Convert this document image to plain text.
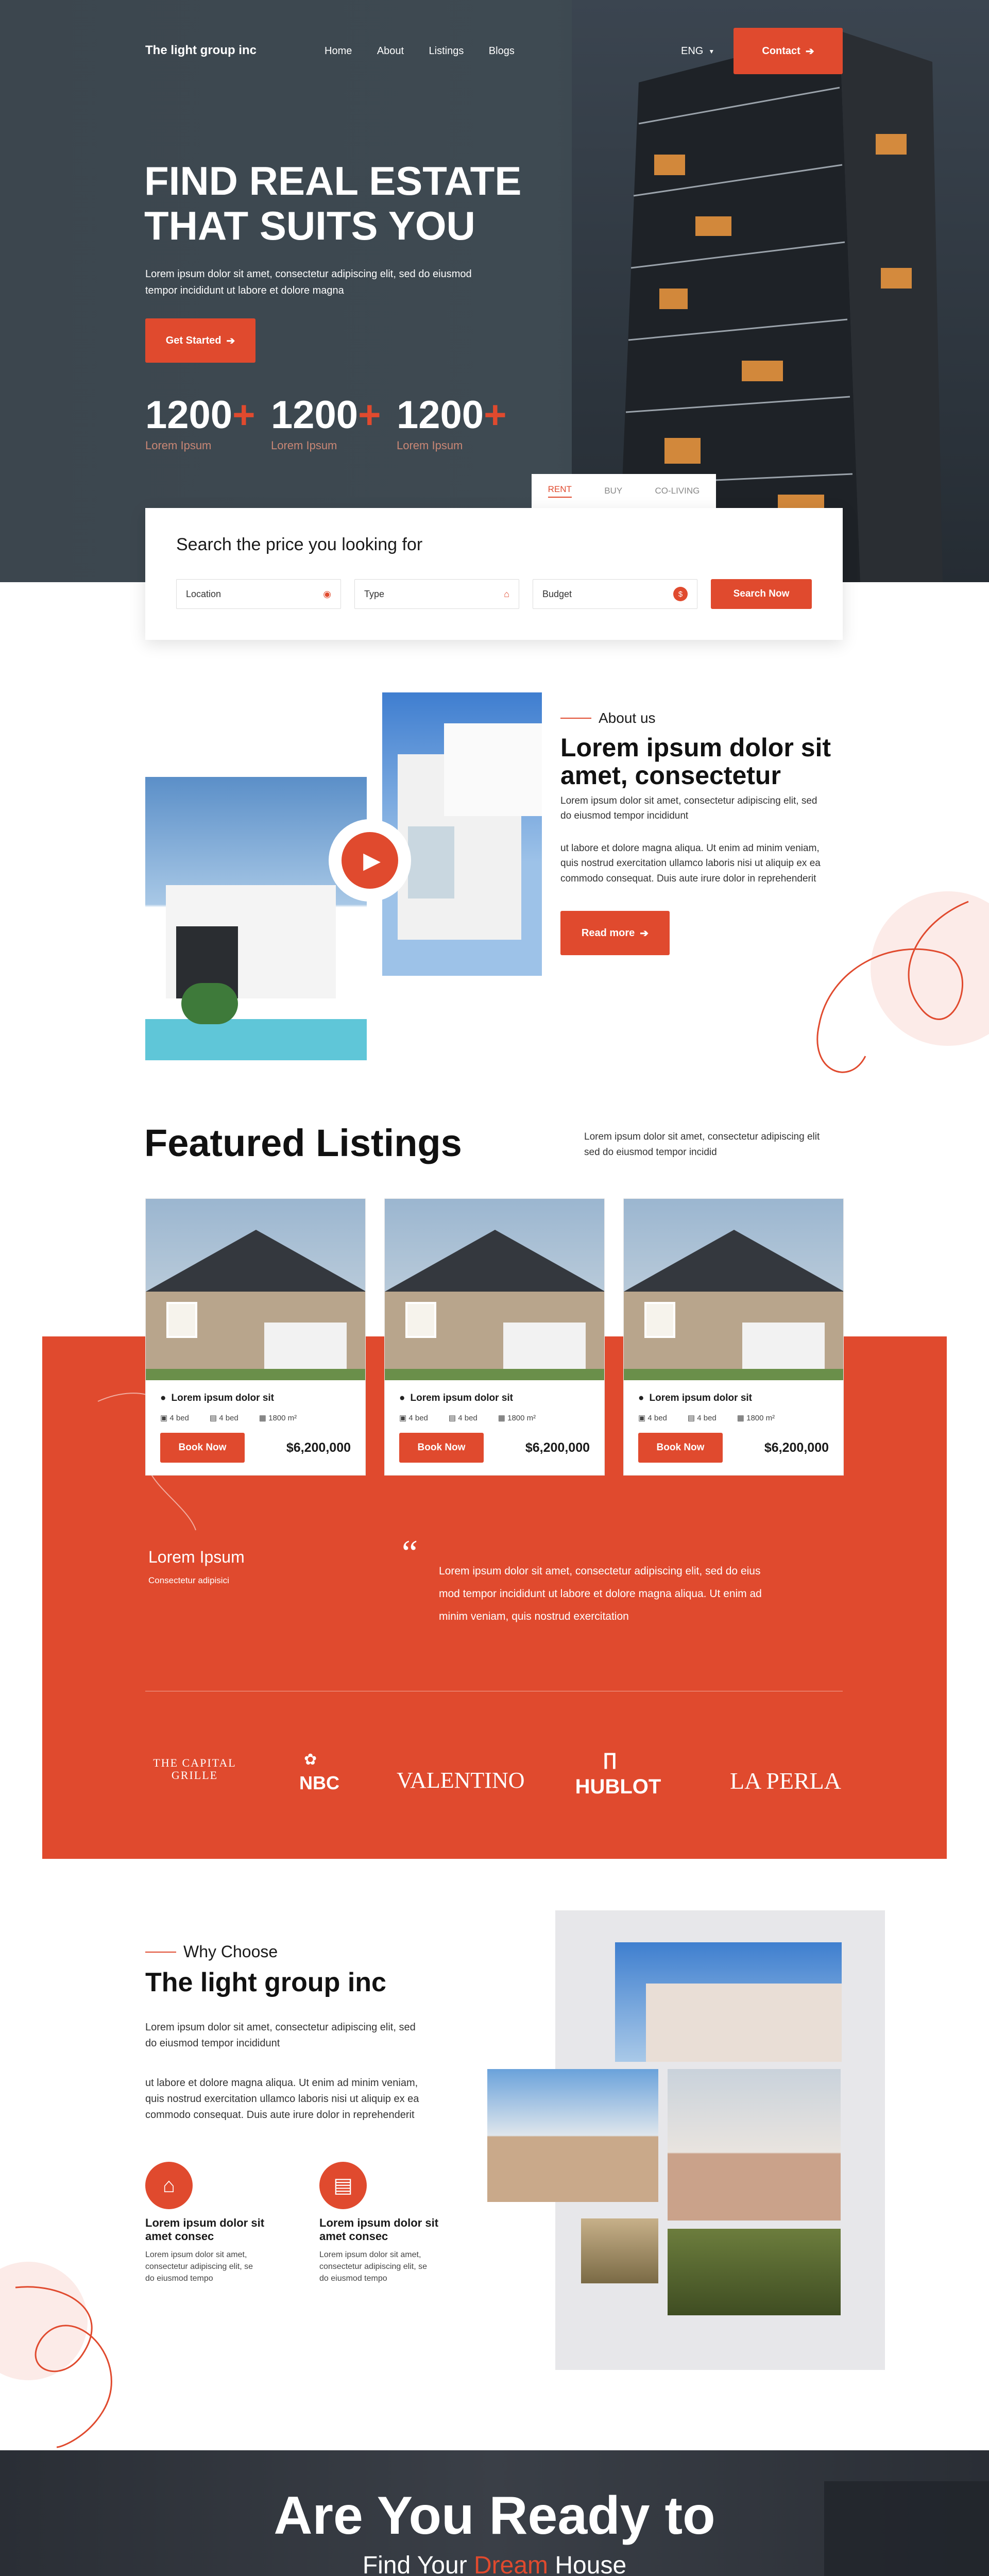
The light group inc	Home About Listings Blogs	ENG ▼	Contact ➔
FIND REAL ESTATE
THAT SUITS YOU

Lorem ipsum dolor sit amet, consectetur adipiscing elit, sed do eiusmod
tempor incididunt ut labore et dolore magna

Get Started ➔
1200+
Lorem Ipsum
1200+
Lorem Ipsum
1200+
Lorem Ipsum
RENT	BUY	CO-LIVING
Search the price you looking for
Location	◉	Type	⌂	Budget	$	Search Now
▶
About us
Lorem ipsum dolor sit
amet, consectetur

Lorem ipsum dolor sit amet, consectetur adipiscing elit, sed
do eiusmod tempor incididunt

ut labore et dolore magna aliqua. Ut enim ad minim veniam,
quis nostrud exercitation ullamco laboris nisi ut aliquip ex ea
commodo consequat. Duis aute irure dolor in reprehenderit

Read more ➔
Featured Listings	Lorem ipsum dolor sit amet, consectetur adipiscing elit
sed do eiusmod tempor incidid

● Lorem ipsum dolor sit
▣ 4 bed	▤ 4 bed	▦ 1800 m²
Book Now	$6,200,000
● Lorem ipsum dolor sit
▣ 4 bed	▤ 4 bed	▦ 1800 m²
Book Now	$6,200,000
● Lorem ipsum dolor sit
▣ 4 bed	▤ 4 bed	▦ 1800 m²
Book Now	$6,200,000
Lorem Ipsum
Consectetur adipisici
“ Lorem ipsum dolor sit amet, consectetur adipiscing elit, sed do eius
mod tempor incididunt ut labore et dolore magna aliqua. Ut enim ad
minim veniam, quis nostrud exercitation

THE CAPITAL GRILLE
✿
NBC	VALENTINO
∏
HUBLOT	LA PERLA
Why Choose
The light group inc

Lorem ipsum dolor sit amet, consectetur adipiscing elit, sed
do eiusmod tempor incididunt

ut labore et dolore magna aliqua. Ut enim ad minim veniam,
quis nostrud exercitation ullamco laboris nisi ut aliquip ex ea
commodo consequat. Duis aute irure dolor in reprehenderit

⌂
Lorem ipsum dolor sit
amet consec
Lorem ipsum dolor sit amet,
consectetur adipiscing elit, se
do eiusmod tempo
▤
Lorem ipsum dolor sit
amet consec
Lorem ipsum dolor sit amet,
consectetur adipiscing elit, se
do eiusmod tempo
Are You Ready to
Find Your Dream House
